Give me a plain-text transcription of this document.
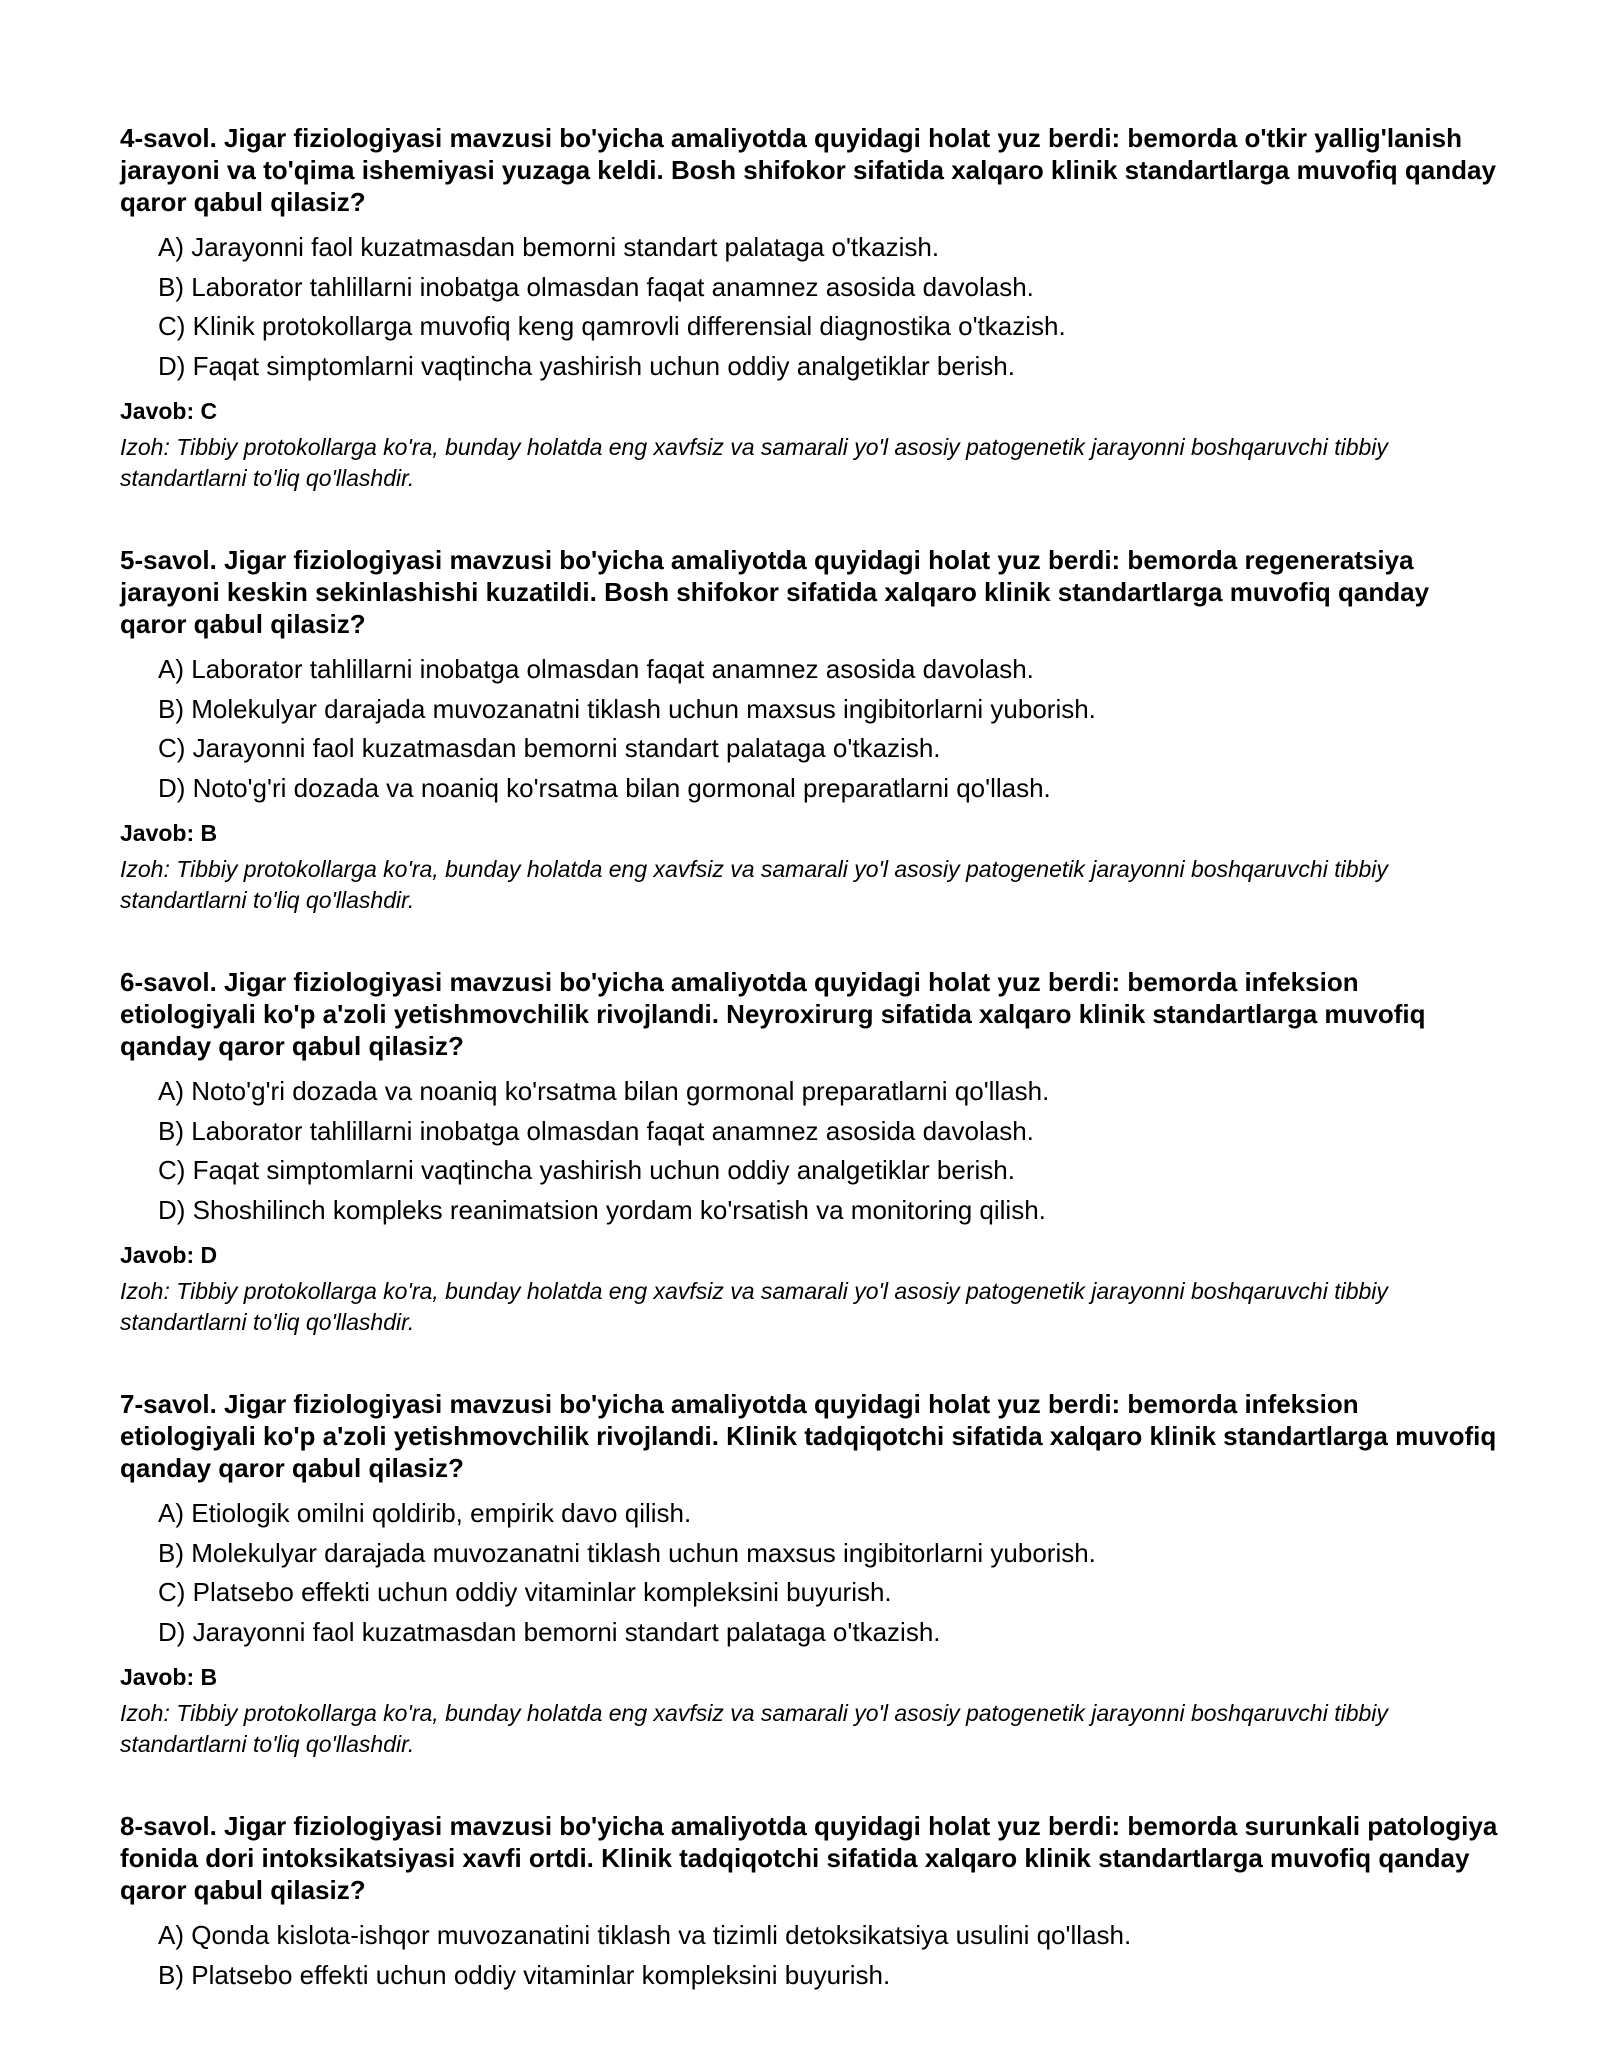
4-savol. Jigar fiziologiyasi mavzusi bo'yicha amaliyotda quyidagi holat yuz berdi: bemorda o'tkir yallig'lanish jarayoni va to'qima ishemiyasi yuzaga keldi. Bosh shifokor sifatida xalqaro klinik standartlarga muvofiq qanday qaror qabul qilasiz?

A) Jarayonni faol kuzatmasdan bemorni standart palataga o'tkazish.
B) Laborator tahlillarni inobatga olmasdan faqat anamnez asosida davolash.
C) Klinik protokollarga muvofiq keng qamrovli differensial diagnostika o'tkazish.
D) Faqat simptomlarni vaqtincha yashirish uchun oddiy analgetiklar berish.
Javob: C
Izoh: Tibbiy protokollarga ko'ra, bunday holatda eng xavfsiz va samarali yo'l asosiy patogenetik jarayonni boshqaruvchi tibbiy standartlarni to'liq qo'llashdir.

5-savol. Jigar fiziologiyasi mavzusi bo'yicha amaliyotda quyidagi holat yuz berdi: bemorda regeneratsiya jarayoni keskin sekinlashishi kuzatildi. Bosh shifokor sifatida xalqaro klinik standartlarga muvofiq qanday qaror qabul qilasiz?

A) Laborator tahlillarni inobatga olmasdan faqat anamnez asosida davolash.
B) Molekulyar darajada muvozanatni tiklash uchun maxsus ingibitorlarni yuborish.
C) Jarayonni faol kuzatmasdan bemorni standart palataga o'tkazish.
D) Noto'g'ri dozada va noaniq ko'rsatma bilan gormonal preparatlarni qo'llash.
Javob: B
Izoh: Tibbiy protokollarga ko'ra, bunday holatda eng xavfsiz va samarali yo'l asosiy patogenetik jarayonni boshqaruvchi tibbiy standartlarni to'liq qo'llashdir.

6-savol. Jigar fiziologiyasi mavzusi bo'yicha amaliyotda quyidagi holat yuz berdi: bemorda infeksion etiologiyali ko'p a'zoli yetishmovchilik rivojlandi. Neyroxirurg sifatida xalqaro klinik standartlarga muvofiq qanday qaror qabul qilasiz?

A) Noto'g'ri dozada va noaniq ko'rsatma bilan gormonal preparatlarni qo'llash.
B) Laborator tahlillarni inobatga olmasdan faqat anamnez asosida davolash.
C) Faqat simptomlarni vaqtincha yashirish uchun oddiy analgetiklar berish.
D) Shoshilinch kompleks reanimatsion yordam ko'rsatish va monitoring qilish.
Javob: D
Izoh: Tibbiy protokollarga ko'ra, bunday holatda eng xavfsiz va samarali yo'l asosiy patogenetik jarayonni boshqaruvchi tibbiy standartlarni to'liq qo'llashdir.

7-savol. Jigar fiziologiyasi mavzusi bo'yicha amaliyotda quyidagi holat yuz berdi: bemorda infeksion etiologiyali ko'p a'zoli yetishmovchilik rivojlandi. Klinik tadqiqotchi sifatida xalqaro klinik standartlarga muvofiq qanday qaror qabul qilasiz?

A) Etiologik omilni qoldirib, empirik davo qilish.
B) Molekulyar darajada muvozanatni tiklash uchun maxsus ingibitorlarni yuborish.
C) Platsebo effekti uchun oddiy vitaminlar kompleksini buyurish.
D) Jarayonni faol kuzatmasdan bemorni standart palataga o'tkazish.
Javob: B
Izoh: Tibbiy protokollarga ko'ra, bunday holatda eng xavfsiz va samarali yo'l asosiy patogenetik jarayonni boshqaruvchi tibbiy standartlarni to'liq qo'llashdir.

8-savol. Jigar fiziologiyasi mavzusi bo'yicha amaliyotda quyidagi holat yuz berdi: bemorda surunkali patologiya fonida dori intoksikatsiyasi xavfi ortdi. Klinik tadqiqotchi sifatida xalqaro klinik standartlarga muvofiq qanday qaror qabul qilasiz?

A) Qonda kislota-ishqor muvozanatini tiklash va tizimli detoksikatsiya usulini qo'llash.
B) Platsebo effekti uchun oddiy vitaminlar kompleksini buyurish.
